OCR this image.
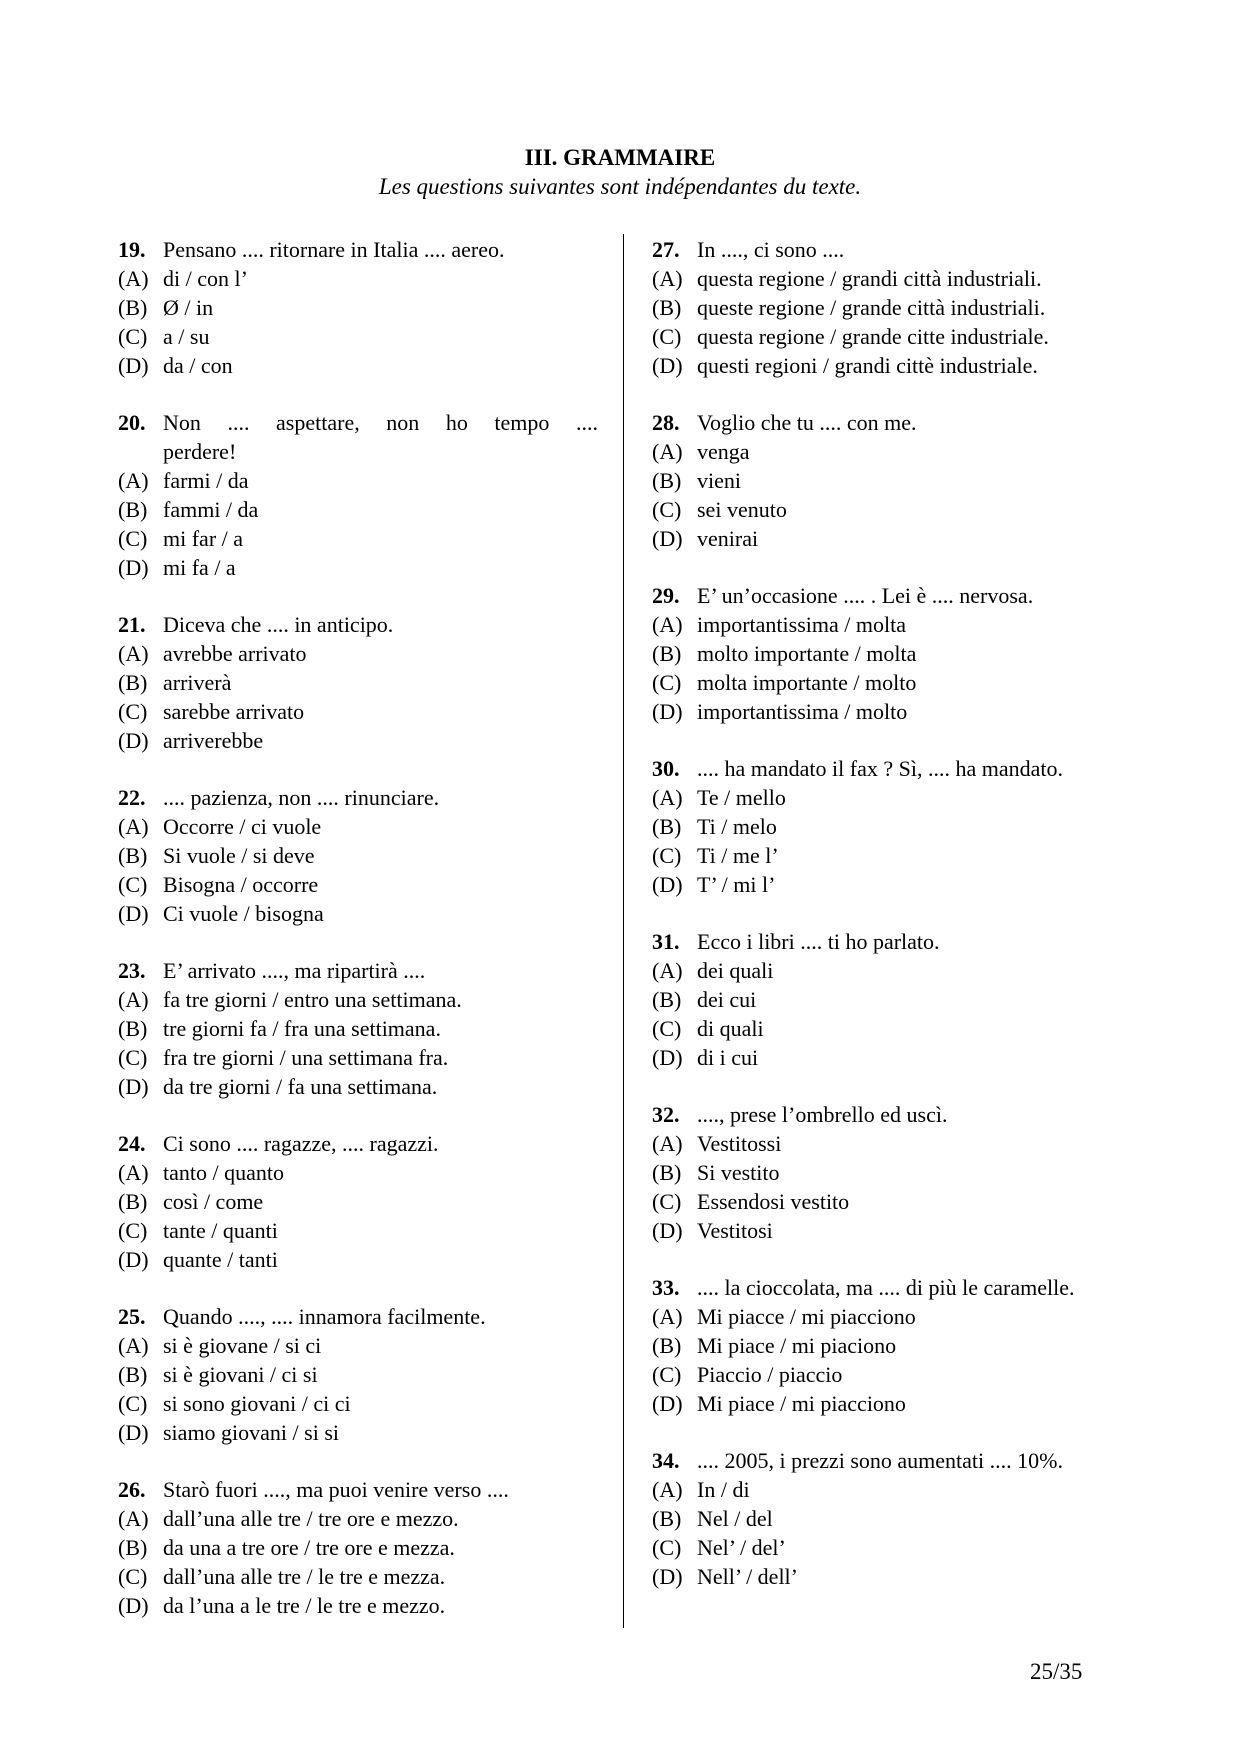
III. GRAMMAIRE
Les questions suivantes sont indépendantes du texte.
19. Pensano .... ritornare in Italia .... aereo.
(A) di / con l’
(B) Ø / in
(C) a / su
(D) da / con
20. Non .... aspettare, non ho tempo ....
perdere!
(A) farmi / da
(B) fammi / da
(C) mi far / a
(D) mi fa / a
21. Diceva che .... in anticipo.
(A) avrebbe arrivato
(B) arriverà
(C) sarebbe arrivato
(D) arriverebbe
22. .... pazienza, non .... rinunciare.
(A) Occorre / ci vuole
(B) Si vuole / si deve
(C) Bisogna / occorre
(D) Ci vuole / bisogna
23. E’ arrivato ...., ma ripartirà ....
(A) fa tre giorni / entro una settimana.
(B) tre giorni fa / fra una settimana.
(C) fra tre giorni / una settimana fra.
(D) da tre giorni / fa una settimana.
24. Ci sono .... ragazze, .... ragazzi.
(A) tanto / quanto
(B) così / come
(C) tante / quanti
(D) quante / tanti
25. Quando ...., .... innamora facilmente.
(A) si è giovane / si ci
(B) si è giovani / ci si
(C) si sono giovani / ci ci
(D) siamo giovani / si si
26. Starò fuori ...., ma puoi venire verso ....
(A) dall’una alle tre / tre ore e mezzo.
(B) da una a tre ore / tre ore e mezza.
(C) dall’una alle tre / le tre e mezza.
(D) da l’una a le tre / le tre e mezzo.
27. In ...., ci sono ....
(A) questa regione / grandi città industriali.
(B) queste regione / grande città industriali.
(C) questa regione / grande citte industriale.
(D) questi regioni / grandi cittè industriale.
28. Voglio che tu .... con me.
(A) venga
(B) vieni
(C) sei venuto
(D) venirai
29. E’ un’occasione .... . Lei è .... nervosa.
(A) importantissima / molta
(B) molto importante / molta
(C) molta importante / molto
(D) importantissima / molto
30. .... ha mandato il fax ? Sì, .... ha mandato.
(A) Te / mello
(B) Ti / melo
(C) Ti / me l’
(D) T’ / mi l’
31. Ecco i libri .... ti ho parlato.
(A) dei quali
(B) dei cui
(C) di quali
(D) di i cui
32. ...., prese l’ombrello ed uscì.
(A) Vestitossi
(B) Si vestito
(C) Essendosi vestito
(D) Vestitosi
33. .... la cioccolata, ma .... di più le caramelle.
(A) Mi piacce / mi piacciono
(B) Mi piace / mi piaciono
(C) Piaccio / piaccio
(D) Mi piace / mi piacciono
34. .... 2005, i prezzi sono aumentati .... 10%.
(A) In / di
(B) Nel / del
(C) Nel’ / del’
(D) Nell’ / dell’
25/35
